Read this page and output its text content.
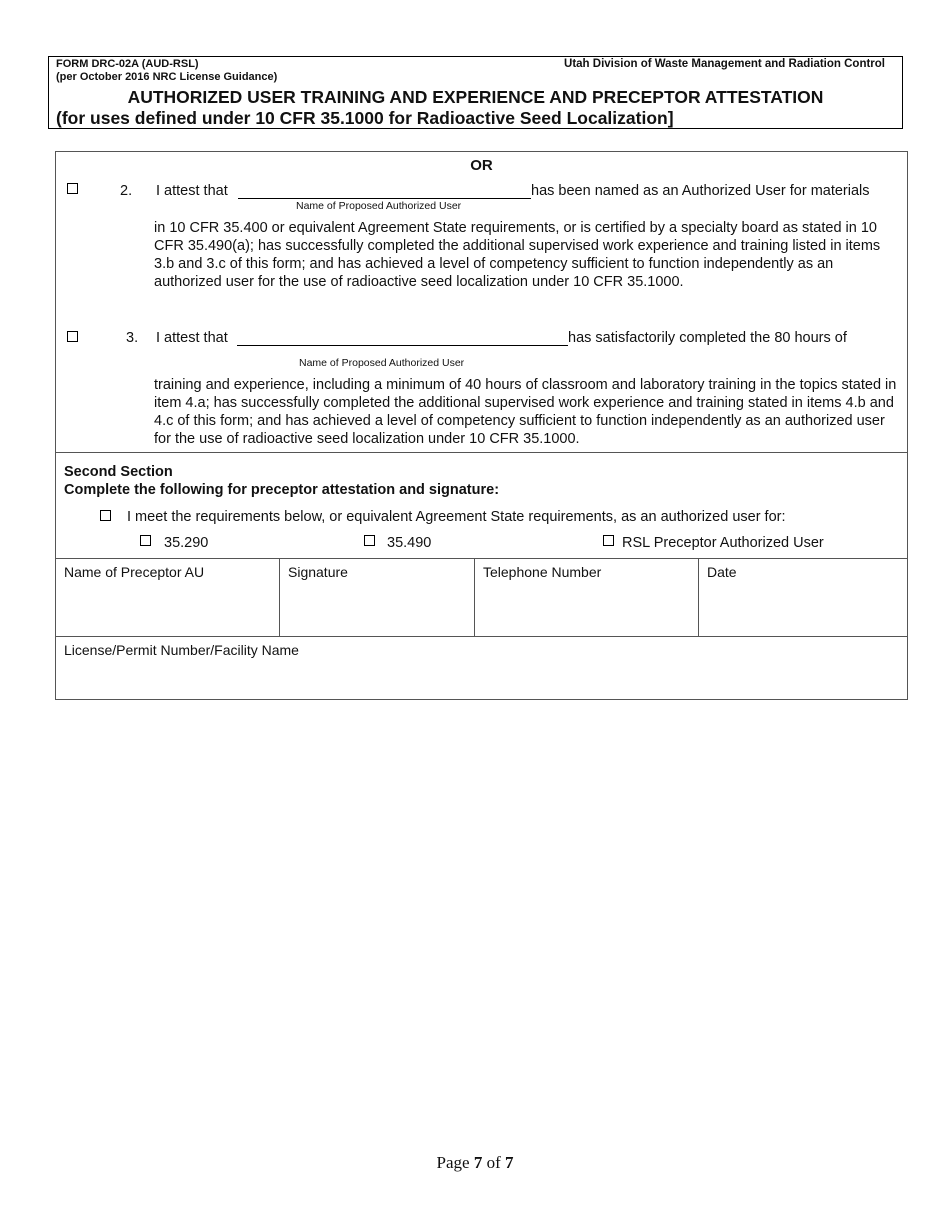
FORM DRC-02A (AUD-RSL)
(per October 2016 NRC License Guidance)
Utah Division of Waste Management and Radiation Control
AUTHORIZED USER TRAINING AND EXPERIENCE AND PRECEPTOR ATTESTATION
(for uses defined under 10 CFR 35.1000 for Radioactive Seed Localization]
OR
2. I attest that	has been named as an Authorized User for materials
Name of Proposed Authorized User

in 10 CFR 35.400 or equivalent Agreement State requirements, or is certified by a specialty board as stated in 10 CFR 35.490(a); has successfully completed the additional supervised work experience and training listed in items 3.b and 3.c of this form; and has achieved a level of competency sufficient to function independently as an authorized user for the use of radioactive seed localization under 10 CFR 35.1000.

3. I attest that	has satisfactorily completed the 80 hours of
Name of Proposed Authorized User

training and experience, including a minimum of 40 hours of classroom and laboratory training in the topics stated in item 4.a; has successfully completed the additional supervised work experience and training stated in items 4.b and 4.c of this form; and has achieved a level of competency sufficient to function independently as an authorized user for the use of radioactive seed localization under 10 CFR 35.1000.

Second Section
Complete the following for preceptor attestation and signature:
I meet the requirements below, or equivalent Agreement State requirements, as an authorized user for:
35.290	35.490	RSL Preceptor Authorized User
Name of Preceptor AU	Signature	Telephone Number	Date
License/Permit Number/Facility Name
Page 7 of 7
